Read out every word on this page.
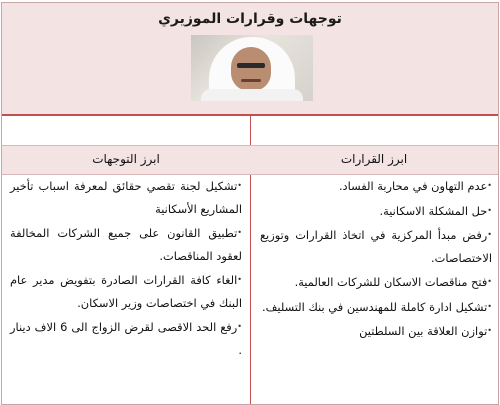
توجهات وقرارات الموزيري
ابرز القرارات
ابرز التوجهات

•عدم التهاون في محاربة الفساد.

•حل المشكلة الاسكانية.

•رفض مبدأ المركزية في اتخاذ القرارات وتوزيع الاختصاصات.

•فتح مناقصات الاسكان للشركات العالمية.

•تشكيل ادارة كاملة للمهندسين في بنك التسليف.

•توازن العلاقة بين السلطتين

•تشكيل لجنة تقصي حقائق لمعرفة اسباب تأخير المشاريع الأسكانية

•تطبيق القانون على جميع الشركات المخالفة لعقود المناقصات.

•الغاء كافة القرارات الصادرة بتفويض مدير عام البنك في اختصاصات وزير الاسكان.

•رفع الحد الاقصى لقرض الزواج الى 6 الاف دينار .
